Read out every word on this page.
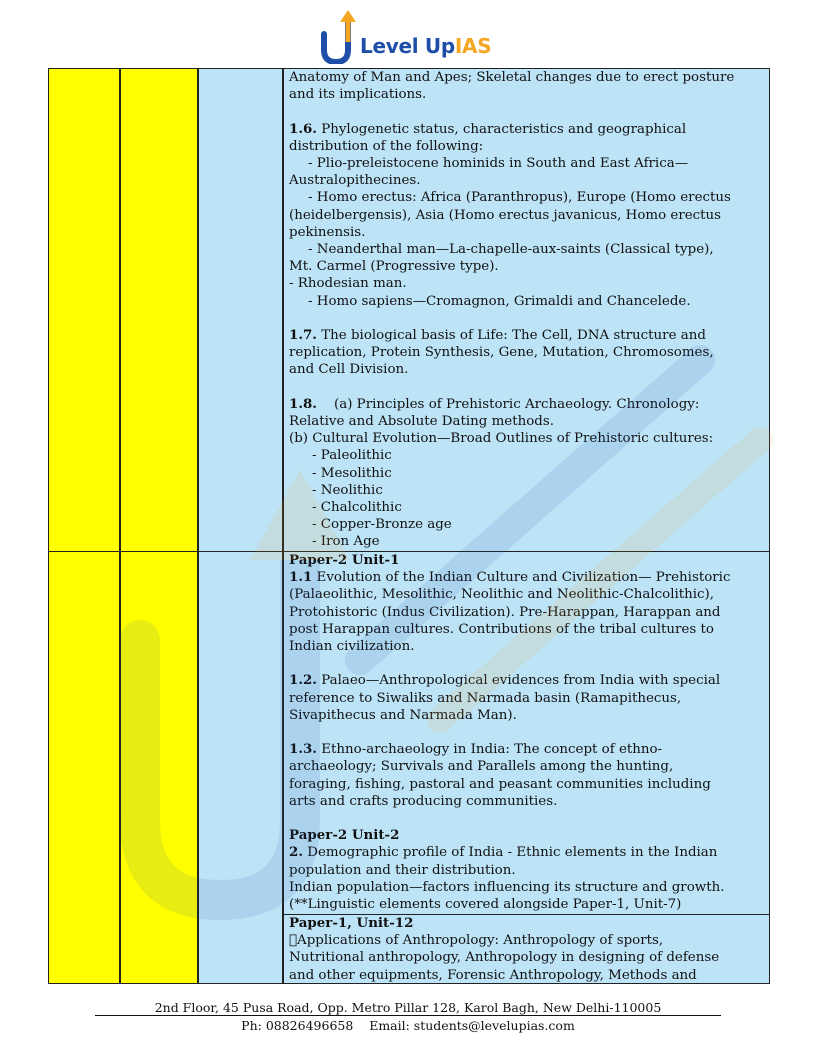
Level UpIAS

Anatomy of Man and Apes; Skeletal changes due to erect posture

and its implications.

1.6. Phylogenetic status, characteristics and geographical

distribution of the following:

- Plio-preleistocene hominids in South and East Africa—

Australopithecines.

- Homo erectus: Africa (Paranthropus), Europe (Homo erectus

(heidelbergensis), Asia (Homo erectus javanicus, Homo erectus

pekinensis.

- Neanderthal man—La-chapelle-aux-saints (Classical type),

Mt. Carmel (Progressive type).

- Rhodesian man.

- Homo sapiens—Cromagnon, Grimaldi and Chancelede.

1.7. The biological basis of Life: The Cell, DNA structure and

replication, Protein Synthesis, Gene, Mutation, Chromosomes,

and Cell Division.

1.8.    (a) Principles of Prehistoric Archaeology. Chronology:

Relative and Absolute Dating methods.

(b) Cultural Evolution—Broad Outlines of Prehistoric cultures:

- Paleolithic

- Mesolithic

- Neolithic

- Chalcolithic

- Copper-Bronze age

- Iron Age

Paper-2 Unit-1

1.1 Evolution of the Indian Culture and Civilization— Prehistoric

(Palaeolithic, Mesolithic, Neolithic and Neolithic-Chalcolithic),

Protohistoric (Indus Civilization). Pre-Harappan, Harappan and

post Harappan cultures. Contributions of the tribal cultures to

Indian civilization.

1.2. Palaeo—Anthropological evidences from India with special

reference to Siwaliks and Narmada basin (Ramapithecus,

Sivapithecus and Narmada Man).

1.3. Ethno-archaeology in India: The concept of ethno-

archaeology; Survivals and Parallels among the hunting,

foraging, fishing, pastoral and peasant communities including

arts and crafts producing communities.

Paper-2 Unit-2

2. Demographic profile of India - Ethnic elements in the Indian

population and their distribution.

Indian population—factors influencing its structure and growth.

(**Linguistic elements covered alongside Paper-1, Unit-7)

Paper-1, Unit-12

Applications of Anthropology: Anthropology of sports,

Nutritional anthropology, Anthropology in designing of defense

and other equipments, Forensic Anthropology, Methods and

2nd Floor, 45 Pusa Road, Opp. Metro Pillar 128, Karol Bagh, New Delhi-110005
Ph: 08826496658    Email: students@levelupias.com
